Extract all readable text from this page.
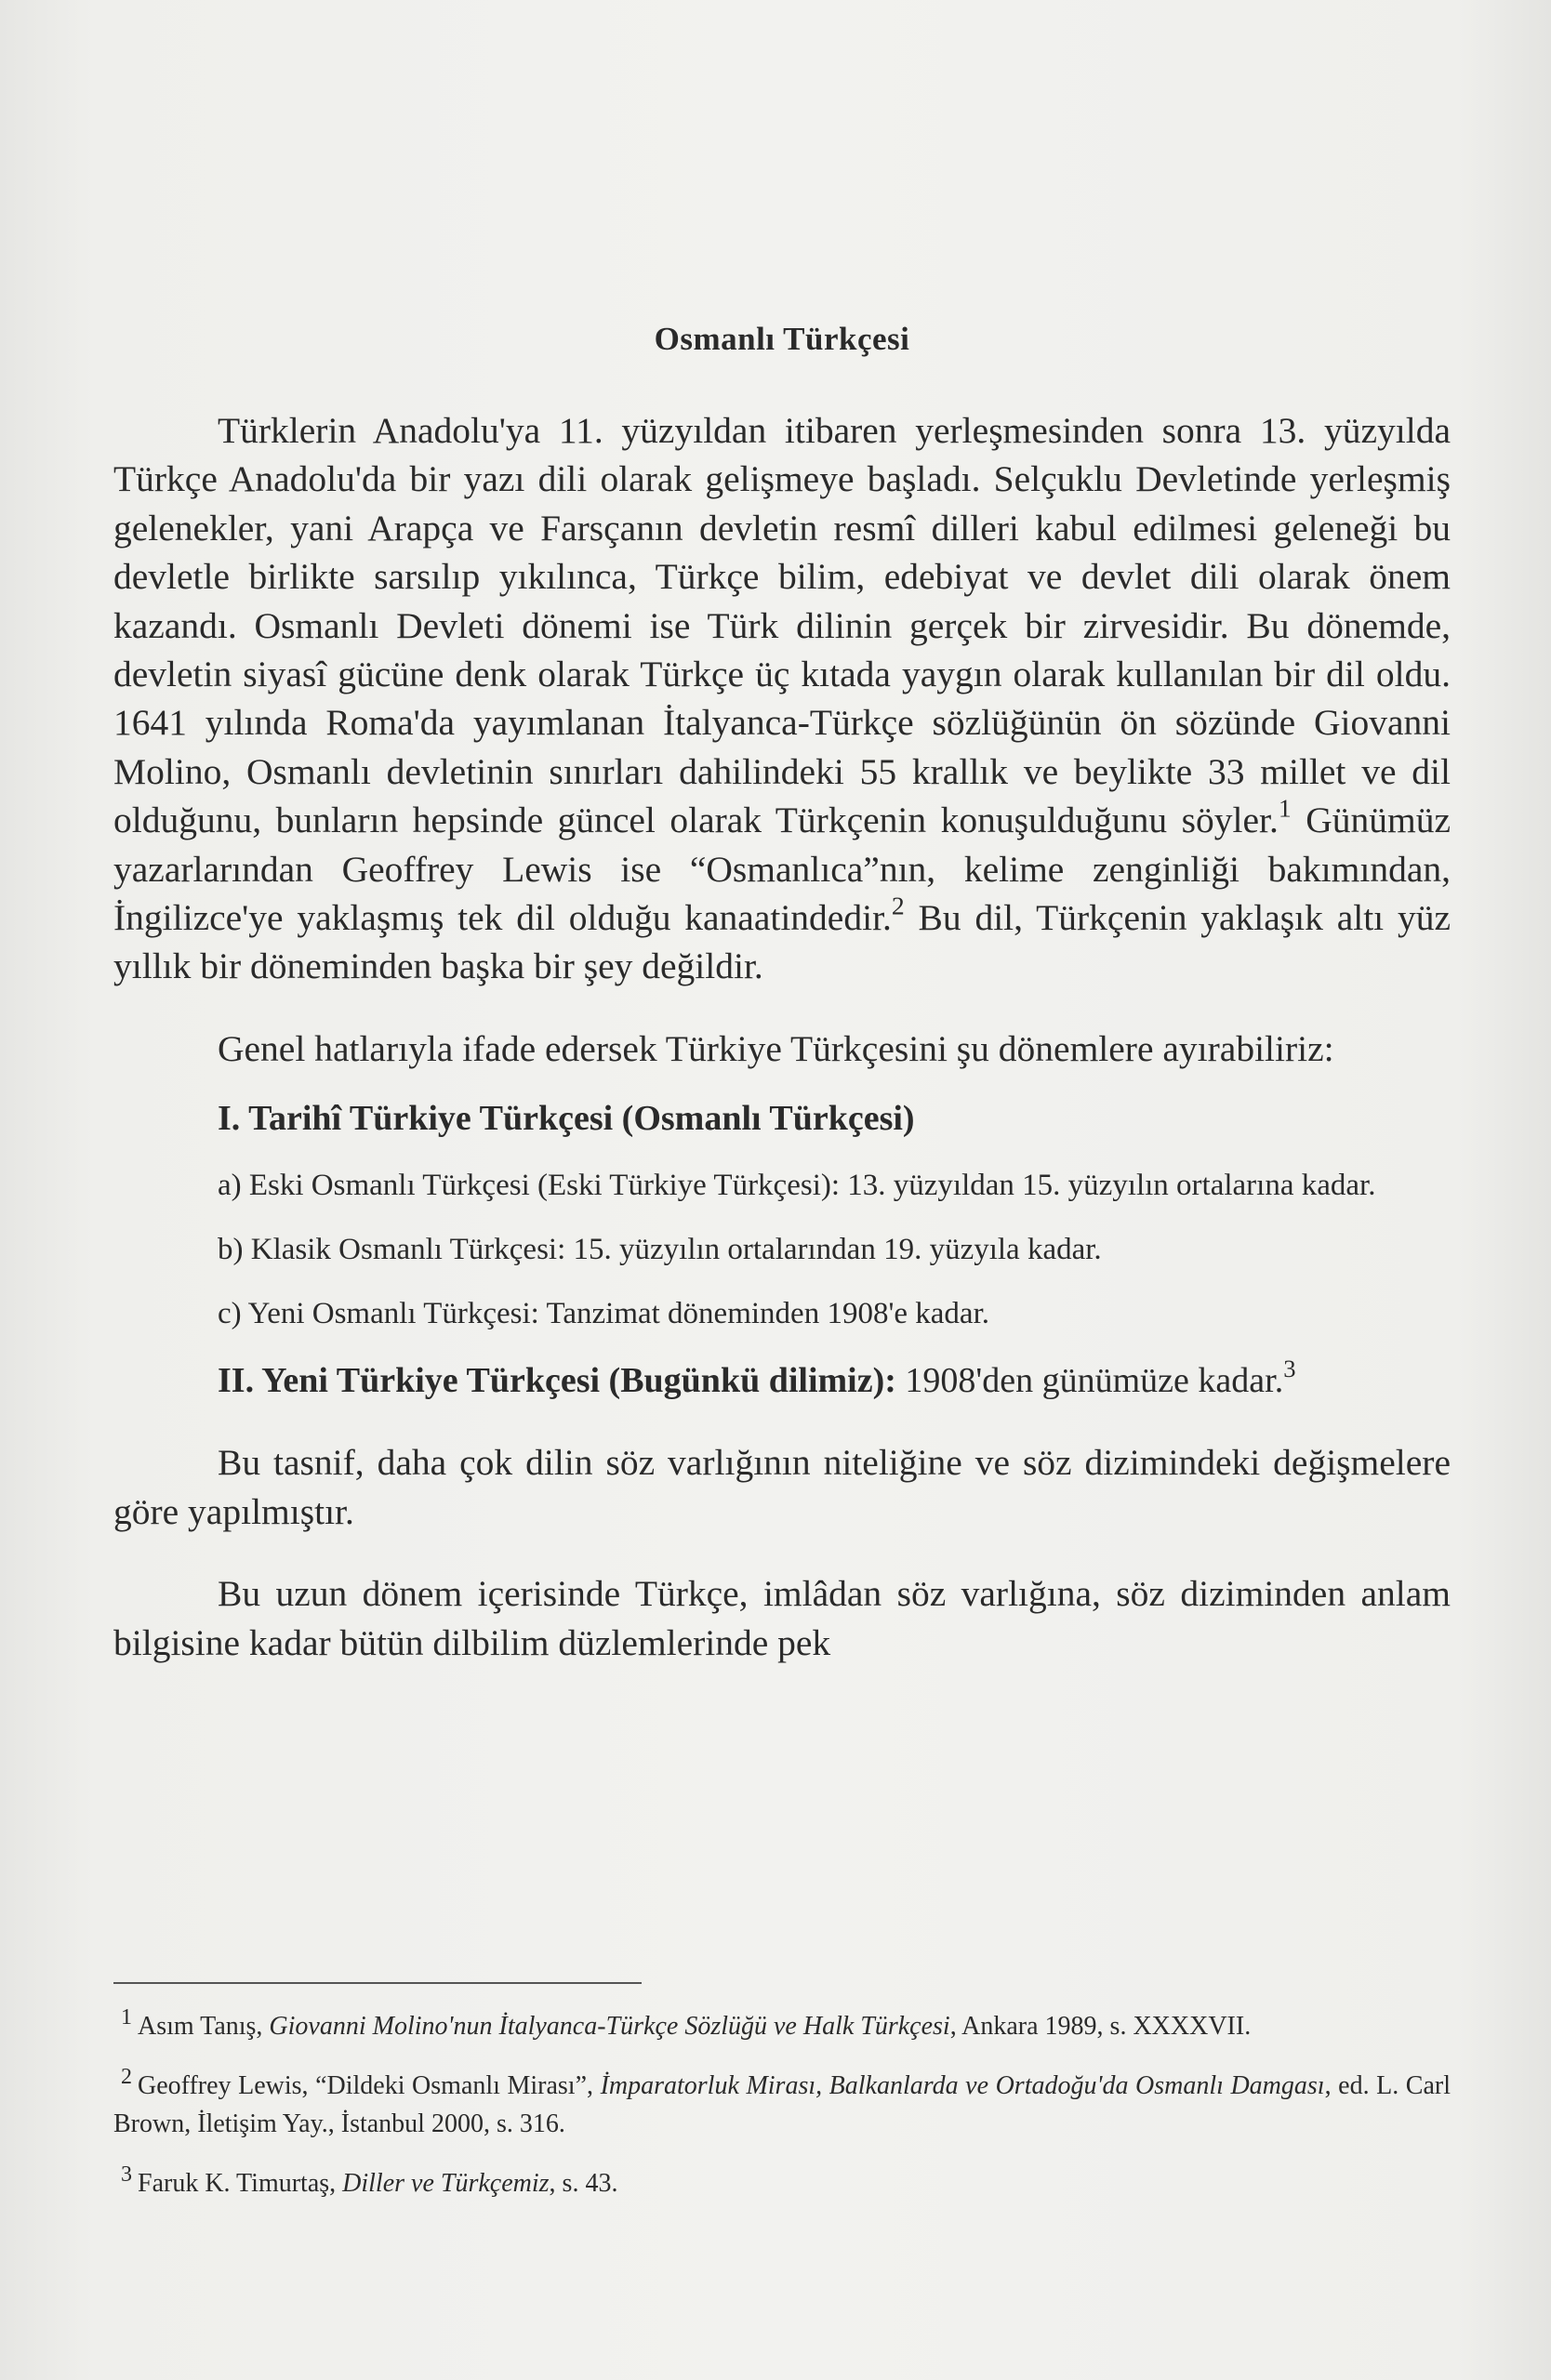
Osmanlı Türkçesi

Türklerin Anadolu'ya 11. yüzyıldan itibaren yerleşmesinden sonra 13. yüzyılda Türkçe Anadolu'da bir yazı dili olarak gelişmeye başladı. Selçuklu Devletinde yerleşmiş gelenekler, yani Arapça ve Farsçanın devletin resmî dilleri kabul edilmesi geleneği bu devletle birlikte sarsılıp yıkılınca, Türkçe bilim, edebiyat ve devlet dili olarak önem kazandı. Osmanlı Devleti dönemi ise Türk dilinin gerçek bir zirvesidir. Bu dönemde, devletin siyasî gücüne denk olarak Türkçe üç kıtada yaygın olarak kullanılan bir dil oldu. 1641 yılında Roma'da yayımlanan İtalyanca-Türkçe sözlüğünün ön sözünde Giovanni Molino, Osmanlı devletinin sınırları dahilindeki 55 krallık ve beylikte 33 millet ve dil olduğunu, bunların hepsinde güncel olarak Türkçenin konuşulduğunu söyler.$^1$ Günümüz yazarlarından Geoffrey Lewis ise “Osmanlıca”nın, kelime zenginliği bakımından, İngilizce'ye yaklaşmış tek dil olduğu kanaatindedir.$^2$ Bu dil, Türkçenin yaklaşık altı yüz yıllık bir döneminden başka bir şey değildir.

Genel hatlarıyla ifade edersek Türkiye Türkçesini şu dönemlere ayırabiliriz:

I. Tarihî Türkiye Türkçesi (Osmanlı Türkçesi)

a) Eski Osmanlı Türkçesi (Eski Türkiye Türkçesi): 13. yüzyıldan 15. yüzyılın ortalarına kadar.

b) Klasik Osmanlı Türkçesi: 15. yüzyılın ortalarından 19. yüzyıla kadar.

c) Yeni Osmanlı Türkçesi: Tanzimat döneminden 1908'e kadar.

II. Yeni Türkiye Türkçesi (Bugünkü dilimiz): 1908'den günümüze kadar.$^3$

Bu tasnif, daha çok dilin söz varlığının niteliğine ve söz dizimindeki değişmelere göre yapılmıştır.

Bu uzun dönem içerisinde Türkçe, imlâdan söz varlığına, söz diziminden anlam bilgisine kadar bütün dilbilim düzlemlerinde pek

1 Asım Tanış, Giovanni Molino'nun İtalyanca-Türkçe Sözlüğü ve Halk Türkçesi, Ankara 1989, s. XXXXVII.

2 Geoffrey Lewis, “Dildeki Osmanlı Mirası”, İmparatorluk Mirası, Balkanlarda ve Ortadoğu'da Osmanlı Damgası, ed. L. Carl Brown, İletişim Yay., İstanbul 2000, s. 316.

3 Faruk K. Timurtaş, Diller ve Türkçemiz, s. 43.
